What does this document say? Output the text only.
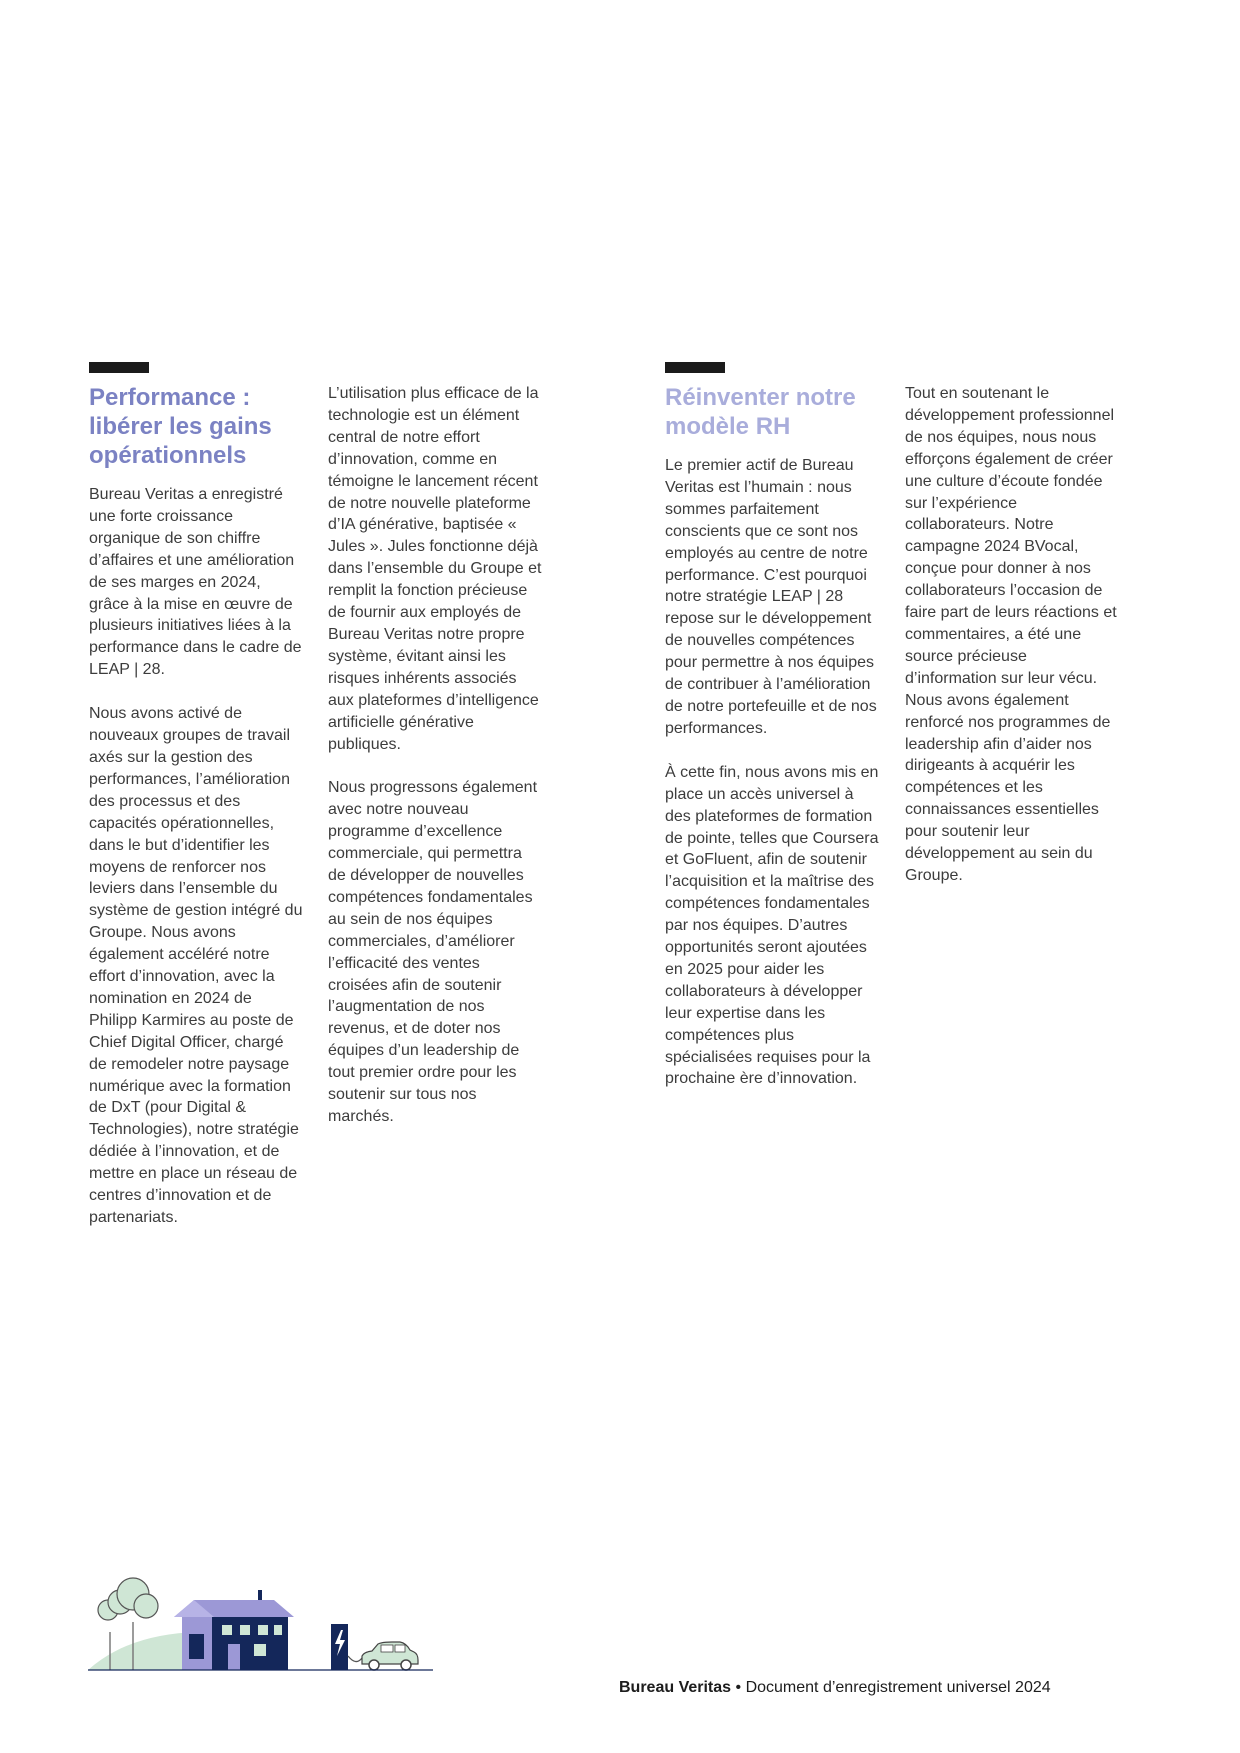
Performance : libérer les gains opérationnels

Bureau Veritas a enregistré une forte croissance organique de son chiffre d’affaires et une amélioration de ses marges en 2024, grâce à la mise en œuvre de plusieurs initiatives liées à la performance dans le cadre de LEAP | 28.

Nous avons activé de nouveaux groupes de travail axés sur la gestion des performances, l’amélioration des processus et des capacités opérationnelles, dans le but d’identifier les moyens de renforcer nos leviers dans l’ensemble du système de gestion intégré du Groupe. Nous avons également accéléré notre effort d’innovation, avec la nomination en 2024 de Philipp Karmires au poste de Chief Digital Officer, chargé de remodeler notre paysage numérique avec la formation de DxT (pour Digital & Technologies), notre stratégie dédiée à l’innovation, et de mettre en place un réseau de centres d’innovation et de partenariats.

L’utilisation plus efficace de la technologie est un élément central de notre effort d’innovation, comme en témoigne le lancement récent de notre nouvelle plateforme d’IA générative, baptisée « Jules ». Jules fonctionne déjà dans l’ensemble du Groupe et remplit la fonction précieuse de fournir aux employés de Bureau Veritas notre propre système, évitant ainsi les risques inhérents associés aux plateformes d’intelligence artificielle générative publiques.

Nous progressons également avec notre nouveau programme d’excellence commerciale, qui permettra de développer de nouvelles compétences fondamentales au sein de nos équipes commerciales, d’améliorer l’efficacité des ventes croisées afin de soutenir l’augmentation de nos revenus, et de doter nos équipes d’un leadership de tout premier ordre pour les soutenir sur tous nos marchés.

Réinventer notre modèle RH

Le premier actif de Bureau Veritas est l’humain : nous sommes parfaitement conscients que ce sont nos employés au centre de notre performance. C’est pourquoi notre stratégie LEAP | 28 repose sur le développement de nouvelles compétences pour permettre à nos équipes de contribuer à l’amélioration de notre portefeuille et de nos performances.

À cette fin, nous avons mis en place un accès universel à des plateformes de formation de pointe, telles que Coursera et GoFluent, afin de soutenir l’acquisition et la maîtrise des compétences fondamentales par nos équipes. D’autres opportunités seront ajoutées en 2025 pour aider les collaborateurs à développer leur expertise dans les compétences plus spécialisées requises pour la prochaine ère d’innovation.

Tout en soutenant le développement professionnel de nos équipes, nous nous efforçons également de créer une culture d’écoute fondée sur l’expérience collaborateurs. Notre campagne 2024 BVocal, conçue pour donner à nos collaborateurs l’occasion de faire part de leurs réactions et commentaires, a été une source précieuse d’information sur leur vécu. Nous avons également renforcé nos programmes de leadership afin d’aider nos dirigeants à acquérir les compétences et les connaissances essentielles pour soutenir leur développement au sein du Groupe.

Bureau Veritas • Document d’enregistrement universel 2024
